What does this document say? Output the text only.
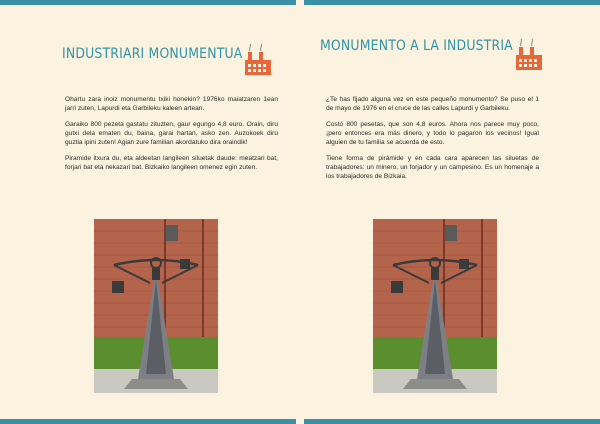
INDUSTRIARI MONUMENTUA

Ohartu zara inoiz monumentu txiki honekin? 1976ko maiatzaren 1ean jarri zuten, Lapurdi eta Garbileku kaleen artean.

Garaiko 800 pezeta gastatu zituzten, gaur egungo 4,8 euro. Orain, diru gutxi dela ematen du, baina, garai hartan, asko zen. Auzokoek diru guztia ipini zuten! Agian zure familian akordatuko dira oraindik!

Piramide itxura du, eta aldeetan langileen siluetak daude: meatzari bat, forjari bat eta nekazari bat. Bizkaiko langileen omenez egin zuten.

MONUMENTO A LA INDUSTRIA

¿Te has fijado alguna vez en este pequeño monumento? Se puso el 1 de mayo de 1976 en el cruce de las calles Lapurdi y Garbileku.

Costó 800 pesetas, que son 4,8 euros. Ahora nos parece muy poco, ¡pero entonces era más dinero, y todo lo pagaron los vecinos! Igual alguien de tu familia se acuerda de esto.

Tiene forma de pirámide y en cada cara aparecen las siluetas de trabajadores: un minero, un forjador y un campesino. Es un homenaje a los trabajadores de Bizkaia.
